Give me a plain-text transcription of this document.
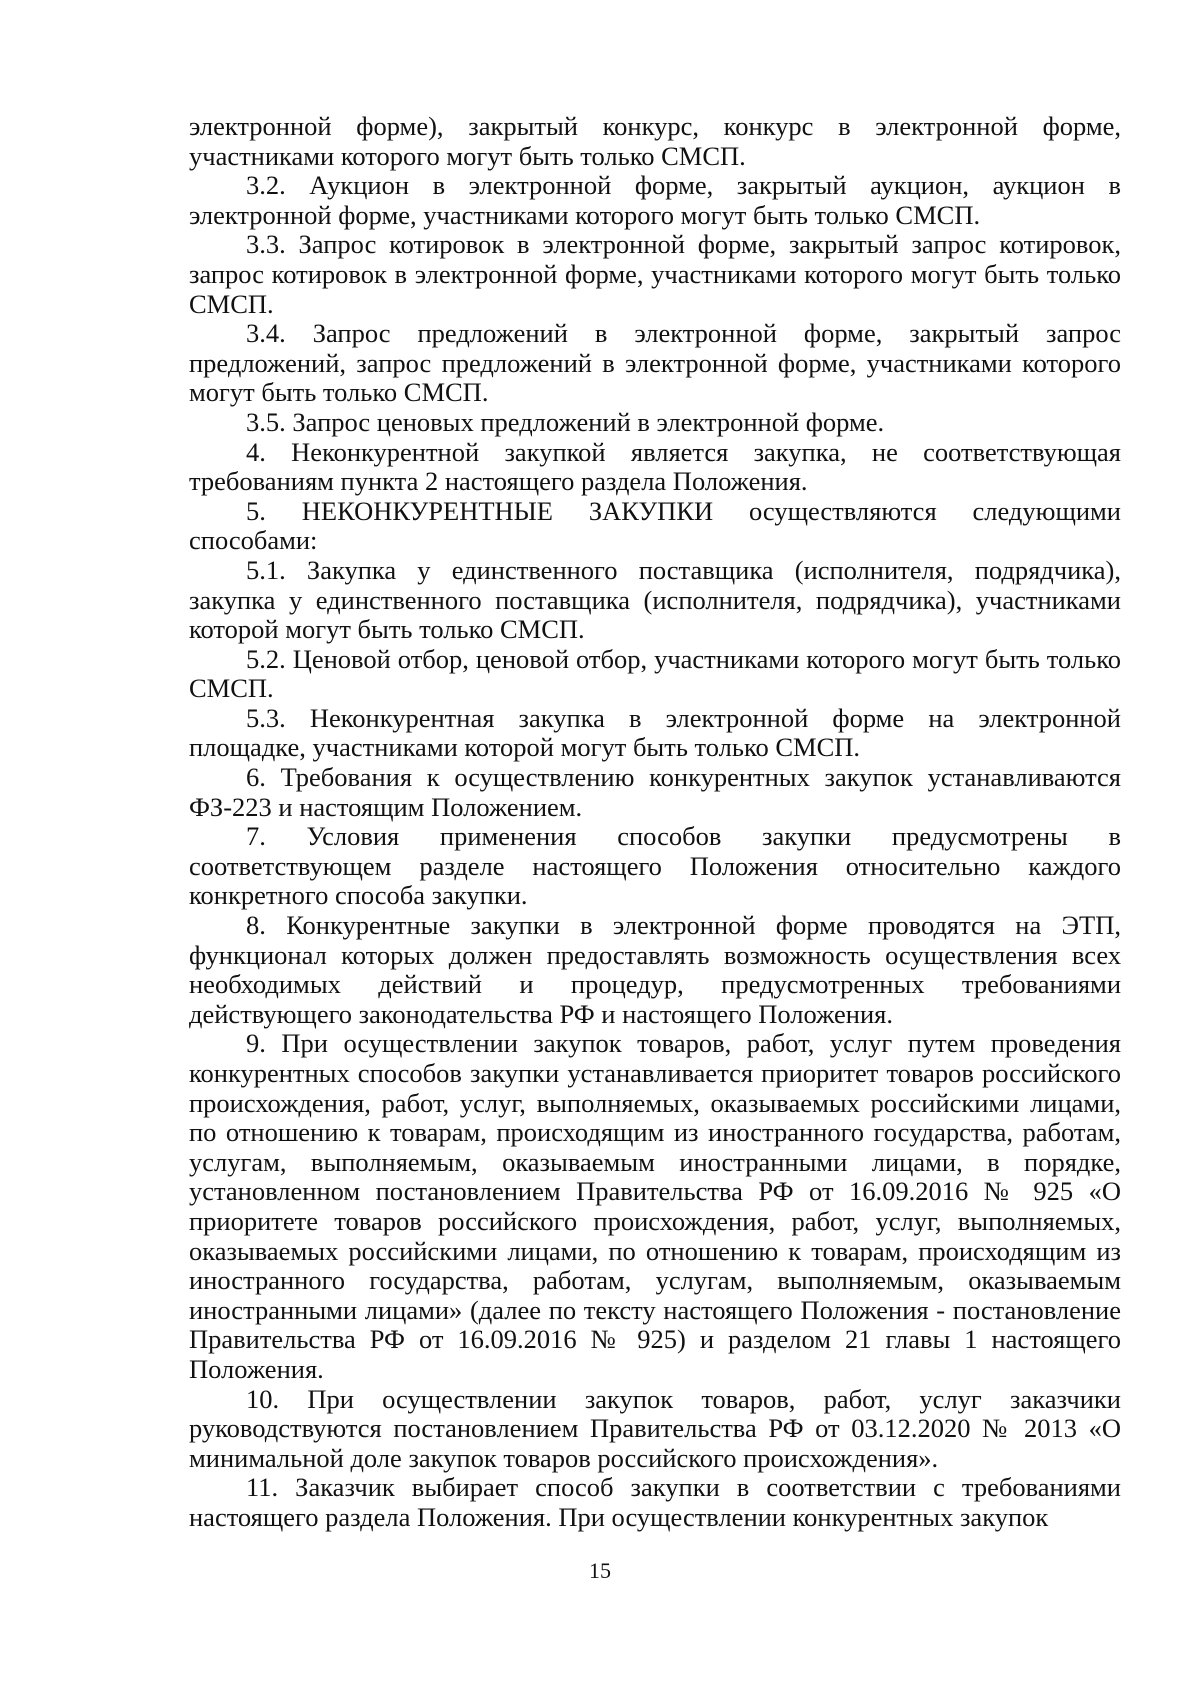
электронной форме), закрытый конкурс, конкурс в электронной форме, участниками которого могут быть только СМСП.

3.2. Аукцион в электронной форме, закрытый аукцион, аукцион в электронной форме, участниками которого могут быть только СМСП.

3.3. Запрос котировок в электронной форме, закрытый запрос котировок, запрос котировок в электронной форме, участниками которого могут быть только СМСП.

3.4. Запрос предложений в электронной форме, закрытый запрос предложений, запрос предложений в электронной форме, участниками которого могут быть только СМСП.

3.5. Запрос ценовых предложений в электронной форме.

4. Неконкурентной закупкой является закупка, не соответствующая требованиям пункта 2 настоящего раздела Положения.

5. НЕКОНКУРЕНТНЫЕ ЗАКУПКИ осуществляются следующими способами:

5.1. Закупка у единственного поставщика (исполнителя, подрядчика), закупка у единственного поставщика (исполнителя, подрядчика), участниками которой могут быть только СМСП.

5.2. Ценовой отбор, ценовой отбор, участниками которого могут быть только СМСП.

5.3. Неконкурентная закупка в электронной форме на электронной площадке, участниками которой могут быть только СМСП.

6. Требования к осуществлению конкурентных закупок устанавливаются ФЗ-223 и настоящим Положением.

7. Условия применения способов закупки предусмотрены в соответствующем разделе настоящего Положения относительно каждого конкретного способа закупки.

8. Конкурентные закупки в электронной форме проводятся на ЭТП, функционал которых должен предоставлять возможность осуществления всех необходимых действий и процедур, предусмотренных требованиями действующего законодательства РФ и настоящего Положения.

9. При осуществлении закупок товаров, работ, услуг путем проведения конкурентных способов закупки устанавливается приоритет товаров российского происхождения, работ, услуг, выполняемых, оказываемых российскими лицами, по отношению к товарам, происходящим из иностранного государства, работам, услугам, выполняемым, оказываемым иностранными лицами, в порядке, установленном постановлением Правительства РФ от 16.09.2016 № 925 «О приоритете товаров российского происхождения, работ, услуг, выполняемых, оказываемых российскими лицами, по отношению к товарам, происходящим из иностранного государства, работам, услугам, выполняемым, оказываемым иностранными лицами» (далее по тексту настоящего Положения - постановление Правительства РФ от 16.09.2016 № 925) и разделом 21 главы 1 настоящего Положения.

10. При осуществлении закупок товаров, работ, услуг заказчики руководствуются постановлением Правительства РФ от 03.12.2020 № 2013 «О минимальной доле закупок товаров российского происхождения».

11. Заказчик выбирает способ закупки в соответствии с требованиями настоящего раздела Положения. При осуществлении конкурентных закупок

15
